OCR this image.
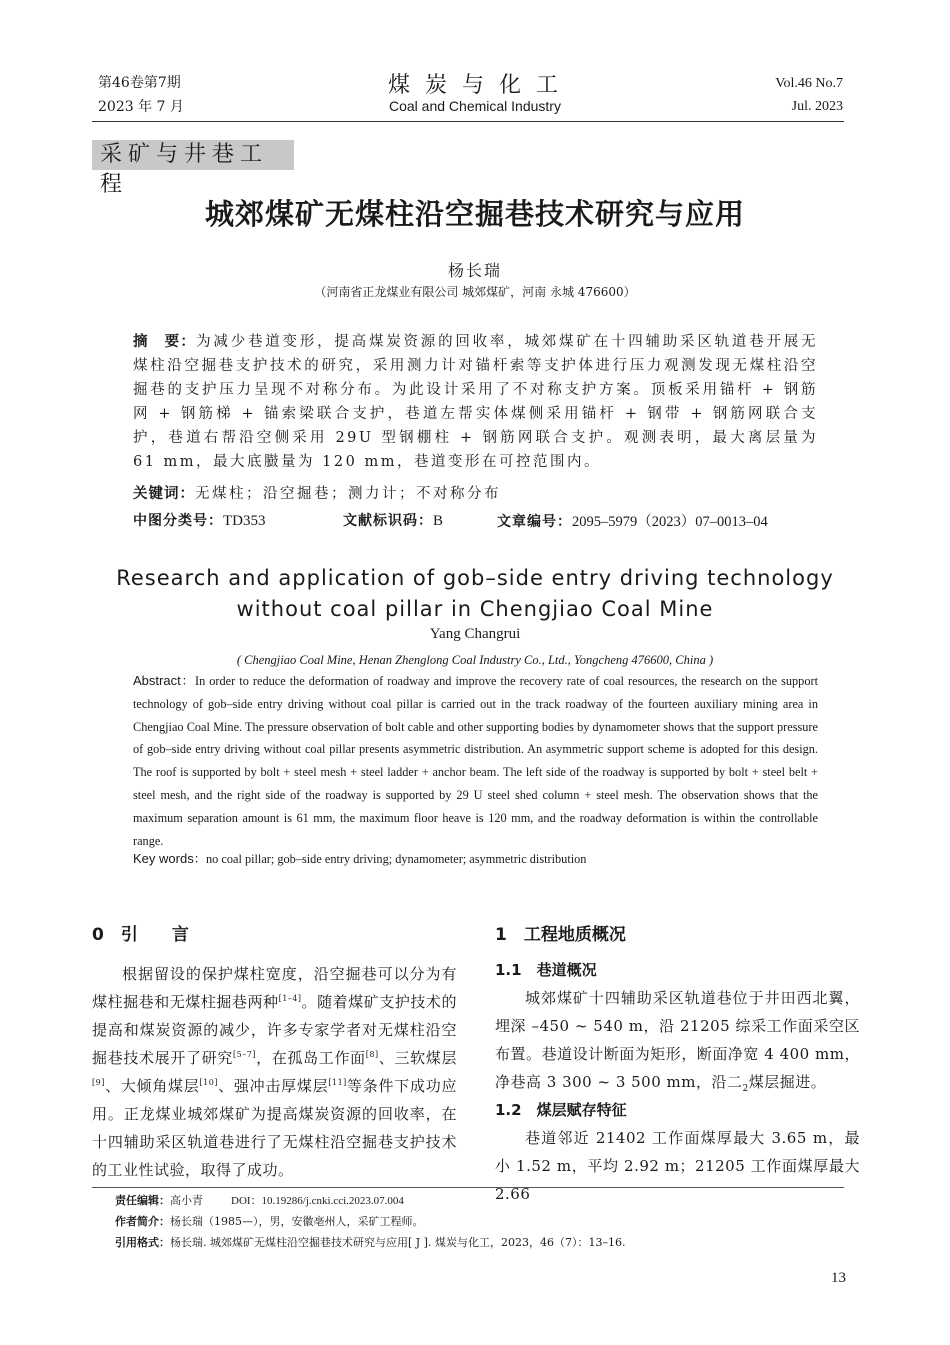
第46卷第7期
2023 年 7 月
煤 炭 与 化 工
Coal and Chemical Industry
Vol.46 No.7
Jul. 2023
采矿与井巷工程
城郊煤矿无煤柱沿空掘巷技术研究与应用
杨长瑞
（河南省正龙煤业有限公司 城郊煤矿，河南 永城 476600）
摘　要：为减少巷道变形，提高煤炭资源的回收率，城郊煤矿在十四辅助采区轨道巷开展无煤柱沿空掘巷支护技术的研究，采用测力计对锚杆索等支护体进行压力观测发现无煤柱沿空掘巷的支护压力呈现不对称分布。为此设计采用了不对称支护方案。顶板采用锚杆 + 钢筋网 + 钢筋梯 + 锚索梁联合支护，巷道左帮实体煤侧采用锚杆 + 钢带 + 钢筋网联合支护，巷道右帮沿空侧采用 29U 型钢棚柱 + 钢筋网联合支护。观测表明，最大离层量为 61 mm，最大底臌量为 120 mm，巷道变形在可控范围内。
关键词：无煤柱；沿空掘巷；测力计；不对称分布
中图分类号：TD353	文献标识码：B	文章编号：2095–5979（2023）07–0013–04
Research and application of gob–side entry driving technology
without coal pillar in Chengjiao Coal Mine
Yang Changrui
( Chengjiao Coal Mine, Henan Zhenglong Coal Industry Co., Ltd., Yongcheng 476600, China )
Abstract：In order to reduce the deformation of roadway and improve the recovery rate of coal resources, the research on the support technology of gob–side entry driving without coal pillar is carried out in the track roadway of the fourteen auxiliary mining area in Chengjiao Coal Mine. The pressure observation of bolt cable and other supporting bodies by dynamometer shows that the support pressure of gob–side entry driving without coal pillar presents asymmetric distribution. An asymmetric support scheme is adopted for this design. The roof is supported by bolt + steel mesh + steel ladder + anchor beam. The left side of the roadway is supported by bolt + steel belt + steel mesh, and the right side of the roadway is supported by 29 U steel shed column + steel mesh. The observation shows that the maximum separation amount is 61 mm, the maximum floor heave is 120 mm, and the roadway deformation is within the controllable range.
Key words：no coal pillar; gob–side entry driving; dynamometer; asymmetric distribution
0　引　　言

根据留设的保护煤柱宽度，沿空掘巷可以分为有煤柱掘巷和无煤柱掘巷两种[1–4]。随着煤矿支护技术的提高和煤炭资源的减少，许多专家学者对无煤柱沿空掘巷技术展开了研究[5–7]，在孤岛工作面[8]、三软煤层[9]、大倾角煤层[10]、强冲击厚煤层[11]等条件下成功应用。正龙煤业城郊煤矿为提高煤炭资源的回收率，在十四辅助采区轨道巷进行了无煤柱沿空掘巷支护技术的工业性试验，取得了成功。

1　工程地质概况
1.1　巷道概况

城郊煤矿十四辅助采区轨道巷位于井田西北翼，埋深 –450 ~ 540 m，沿 21205 综采工作面采空区布置。巷道设计断面为矩形，断面净宽 4 400 mm，净巷高 3 300 ~ 3 500 mm，沿二$_2$煤层掘进。

1.2　煤层赋存特征

巷道邻近 21402 工作面煤厚最大 3.65 m，最小 1.52 m，平均 2.92 m；21205 工作面煤厚最大 2.66

责任编辑：高小青	DOI：10.19286/j.cnki.cci.2023.07.004
作者简介：杨长瑞（1985—），男，安徽亳州人，采矿工程师。
引用格式：杨长瑞. 城郊煤矿无煤柱沿空掘巷技术研究与应用[ J ]. 煤炭与化工，2023，46（7）：13–16.
13
